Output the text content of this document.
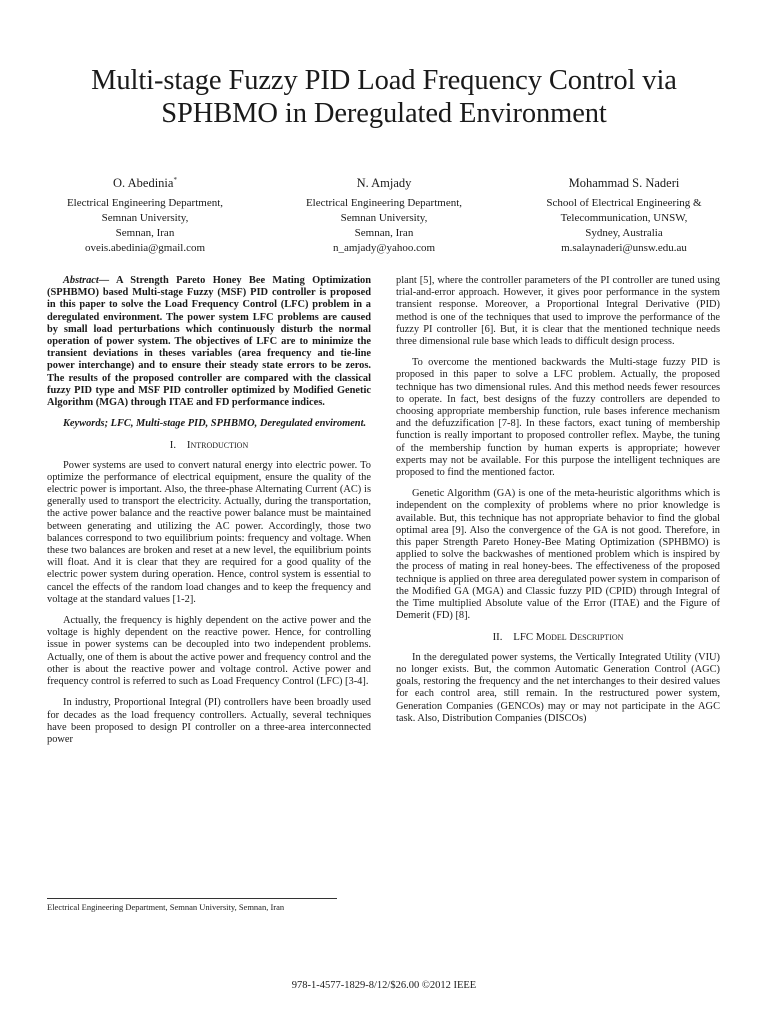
Multi-stage Fuzzy PID Load Frequency Control via
SPHBMO in Deregulated Environment
O. Abedinia*
Electrical Engineering Department,
Semnan University,
Semnan, Iran
oveis.abedinia@gmail.com
N. Amjady
Electrical Engineering Department,
Semnan University,
Semnan, Iran
n_amjady@yahoo.com
Mohammad S. Naderi
School of Electrical Engineering &
Telecommunication, UNSW,
Sydney, Australia
m.salaynaderi@unsw.edu.au

Abstract— A Strength Pareto Honey Bee Mating Optimization (SPHBMO) based Multi-stage Fuzzy (MSF) PID controller is proposed in this paper to solve the Load Frequency Control (LFC) problem in a deregulated environment. The power system LFC problems are caused by small load perturbations which continuously disturb the normal operation of power system. The objectives of LFC are to minimize the transient deviations in theses variables (area frequency and tie-line power interchange) and to ensure their steady state errors to be zeros. The results of the proposed controller are compared with the classical fuzzy PID type and MSF PID controller optimized by Modified Genetic Algorithm (MGA) through ITAE and FD performance indices.

Keywords; LFC, Multi-stage PID, SPHBMO, Deregulated enviroment.

I. Introduction

Power systems are used to convert natural energy into electric power. To optimize the performance of electrical equipment, ensure the quality of the electric power is important. Also, the three-phase Alternating Current (AC) is generally used to transport the electricity. Actually, during the transportation, the active power balance and the reactive power balance must be maintained between generating and utilizing the AC power. Accordingly, those two balances correspond to two equilibrium points: frequency and voltage. When these two balances are broken and reset at a new level, the equilibrium points will float. And it is clear that they are required for a good quality of the electric power system during operation. Hence, control system is essential to cancel the effects of the random load changes and to keep the frequency and voltage at the standard values [1-2].

Actually, the frequency is highly dependent on the active power and the voltage is highly dependent on the reactive power. Hence, for controlling issue in power systems can be decoupled into two independent problems. Actually, one of them is about the active power and frequency control and the other is about the reactive power and voltage control. Active power and frequency control is referred to such as Load Frequency Control (LFC) [3-4].

In industry, Proportional Integral (PI) controllers have been broadly used for decades as the load frequency controllers. Actually, several techniques have been proposed to design PI controller on a three-area interconnected power

plant [5], where the controller parameters of the PI controller are tuned using trial-and-error approach. However, it gives poor performance in the system transient response. Moreover, a Proportional Integral Derivative (PID) method is one of the techniques that used to improve the performance of the fuzzy PI controller [6]. But, it is clear that the mentioned technique needs three dimensional rule base which leads to difficult design process.

To overcome the mentioned backwards the Multi-stage fuzzy PID is proposed in this paper to solve a LFC problem. Actually, the proposed technique has two dimensional rules. And this method needs fewer resources to operate. In fact, best designs of the fuzzy controllers are depended to choosing appropriate membership function, rule bases inference mechanism and the defuzzification [7-8]. In these factors, exact tuning of membership function is really important to proposed controller reflex. Maybe, the tuning of the membership function by human experts is appropriate; however experts may not be available. For this purpose the intelligent techniques are proposed to find the mentioned factor.

Genetic Algorithm (GA) is one of the meta-heuristic algorithms which is independent on the complexity of problems where no prior knowledge is available. But, this technique has not appropriate behavior to find the global optimal area [9]. Also the convergence of the GA is not good. Therefore, in this paper Strength Pareto Honey-Bee Mating Optimization (SPHBMO) is applied to solve the backwashes of mentioned problem which is inspired by the process of mating in real honey-bees. The effectiveness of the proposed technique is applied on three area deregulated power system in comparison of the Modified GA (MGA) and Classic fuzzy PID (CPID) through Integral of the Time multiplied Absolute value of the Error (ITAE) and the Figure of Demerit (FD) [8].

II. LFC Model Description

In the deregulated power systems, the Vertically Integrated Utility (VIU) no longer exists. But, the common Automatic Generation Control (AGC) goals, restoring the frequency and the net interchanges to their desired values for each control area, still remain. In the restructured power system, Generation Companies (GENCOs) may or may not participate in the AGC task. Also, Distribution Companies (DISCOs)

Electrical Engineering Department, Semnan University, Semnan, Iran
978-1-4577-1829-8/12/$26.00 ©2012 IEEE
